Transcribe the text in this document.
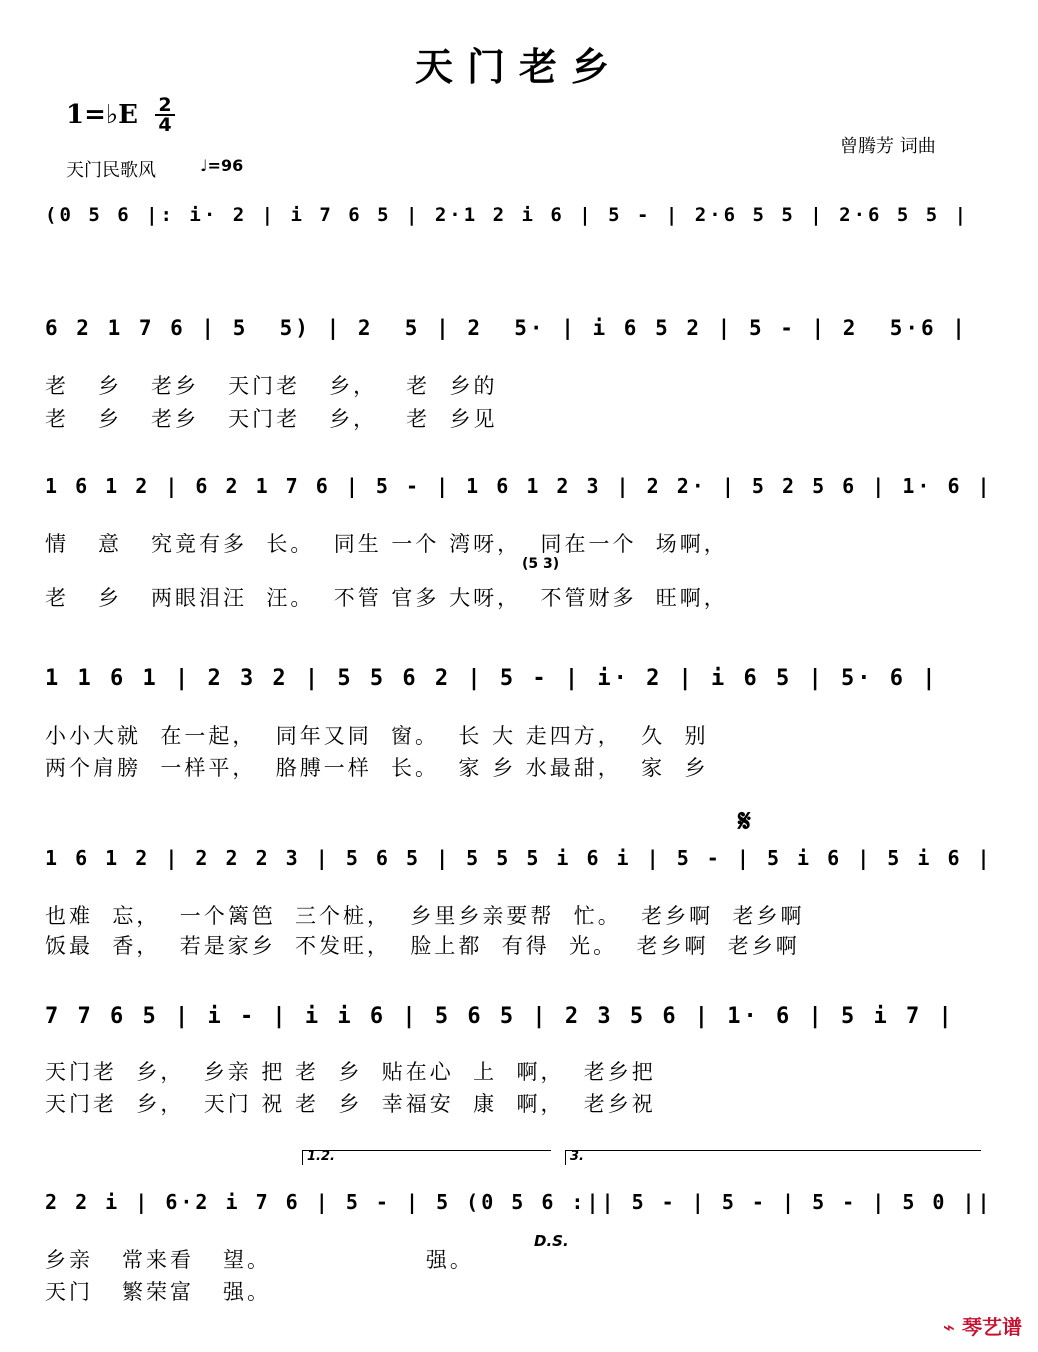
天门老乡
1=♭E $\frac{2}{4}$
天门民歌风	♩=96
曾腾芳 词曲
(0 5 6 |: i· 2 | i 7 6 5 | 2·1 2 i 6 | 5 - | 2·6 5 5 | 2·6 5 5 |
6 2 1 7 6 | 5  5) | 2  5 | 2  5· | i 6 5 2 | 5 - | 2  5·6 |
老   乡   老乡   天门老   乡，   老  乡的
老   乡   老乡   天门老   乡，   老  乡见
1 6 1 2 | 6 2 1 7 6 | 5 - | 1 6 1 2 3 | 2 2· | 5 2 5 6 | 1· 6 |
情   意   究竟有多  长。  同生 一个 湾呀，  同在一个  场啊，
(5 3)
老   乡   两眼泪汪  汪。  不管 官多 大呀，  不管财多  旺啊，
1 1 6 1 | 2 3 2 | 5 5 6 2 | 5 - | i· 2 | i 6 5 | 5· 6 |
小小大就  在一起，  同年又同  窗。  长 大 走四方，  久  别
两个肩膀  一样平，  胳膊一样  长。  家 乡 水最甜，  家  乡
𝄋
1 6 1 2 | 2 2 2 3 | 5 6 5 | 5 5 5 i 6 i | 5 - | 5 i 6 | 5 i 6 |
也难  忘，  一个篱笆  三个桩，  乡里乡亲要帮  忙。  老乡啊  老乡啊
饭最  香，  若是家乡  不发旺，  脸上都  有得  光。  老乡啊  老乡啊
7 7 6 5 | i - | i i 6 | 5 6 5 | 2 3 5 6 | 1· 6 | 5 i 7 |
天门老  乡，  乡亲 把 老  乡  贴在心  上  啊，  老乡把
天门老  乡，  天门 祝 老  乡  幸福安  康  啊，  老乡祝
1.2.	3.
2 2 i | 6·2 i 7 6 | 5 - | 5 (0 5 6 :|| 5 - | 5 - | 5 - | 5 0 ||
D.S.
乡亲   常来看   望。                强。
天门   繁荣富   强。
⌁ 琴艺谱
